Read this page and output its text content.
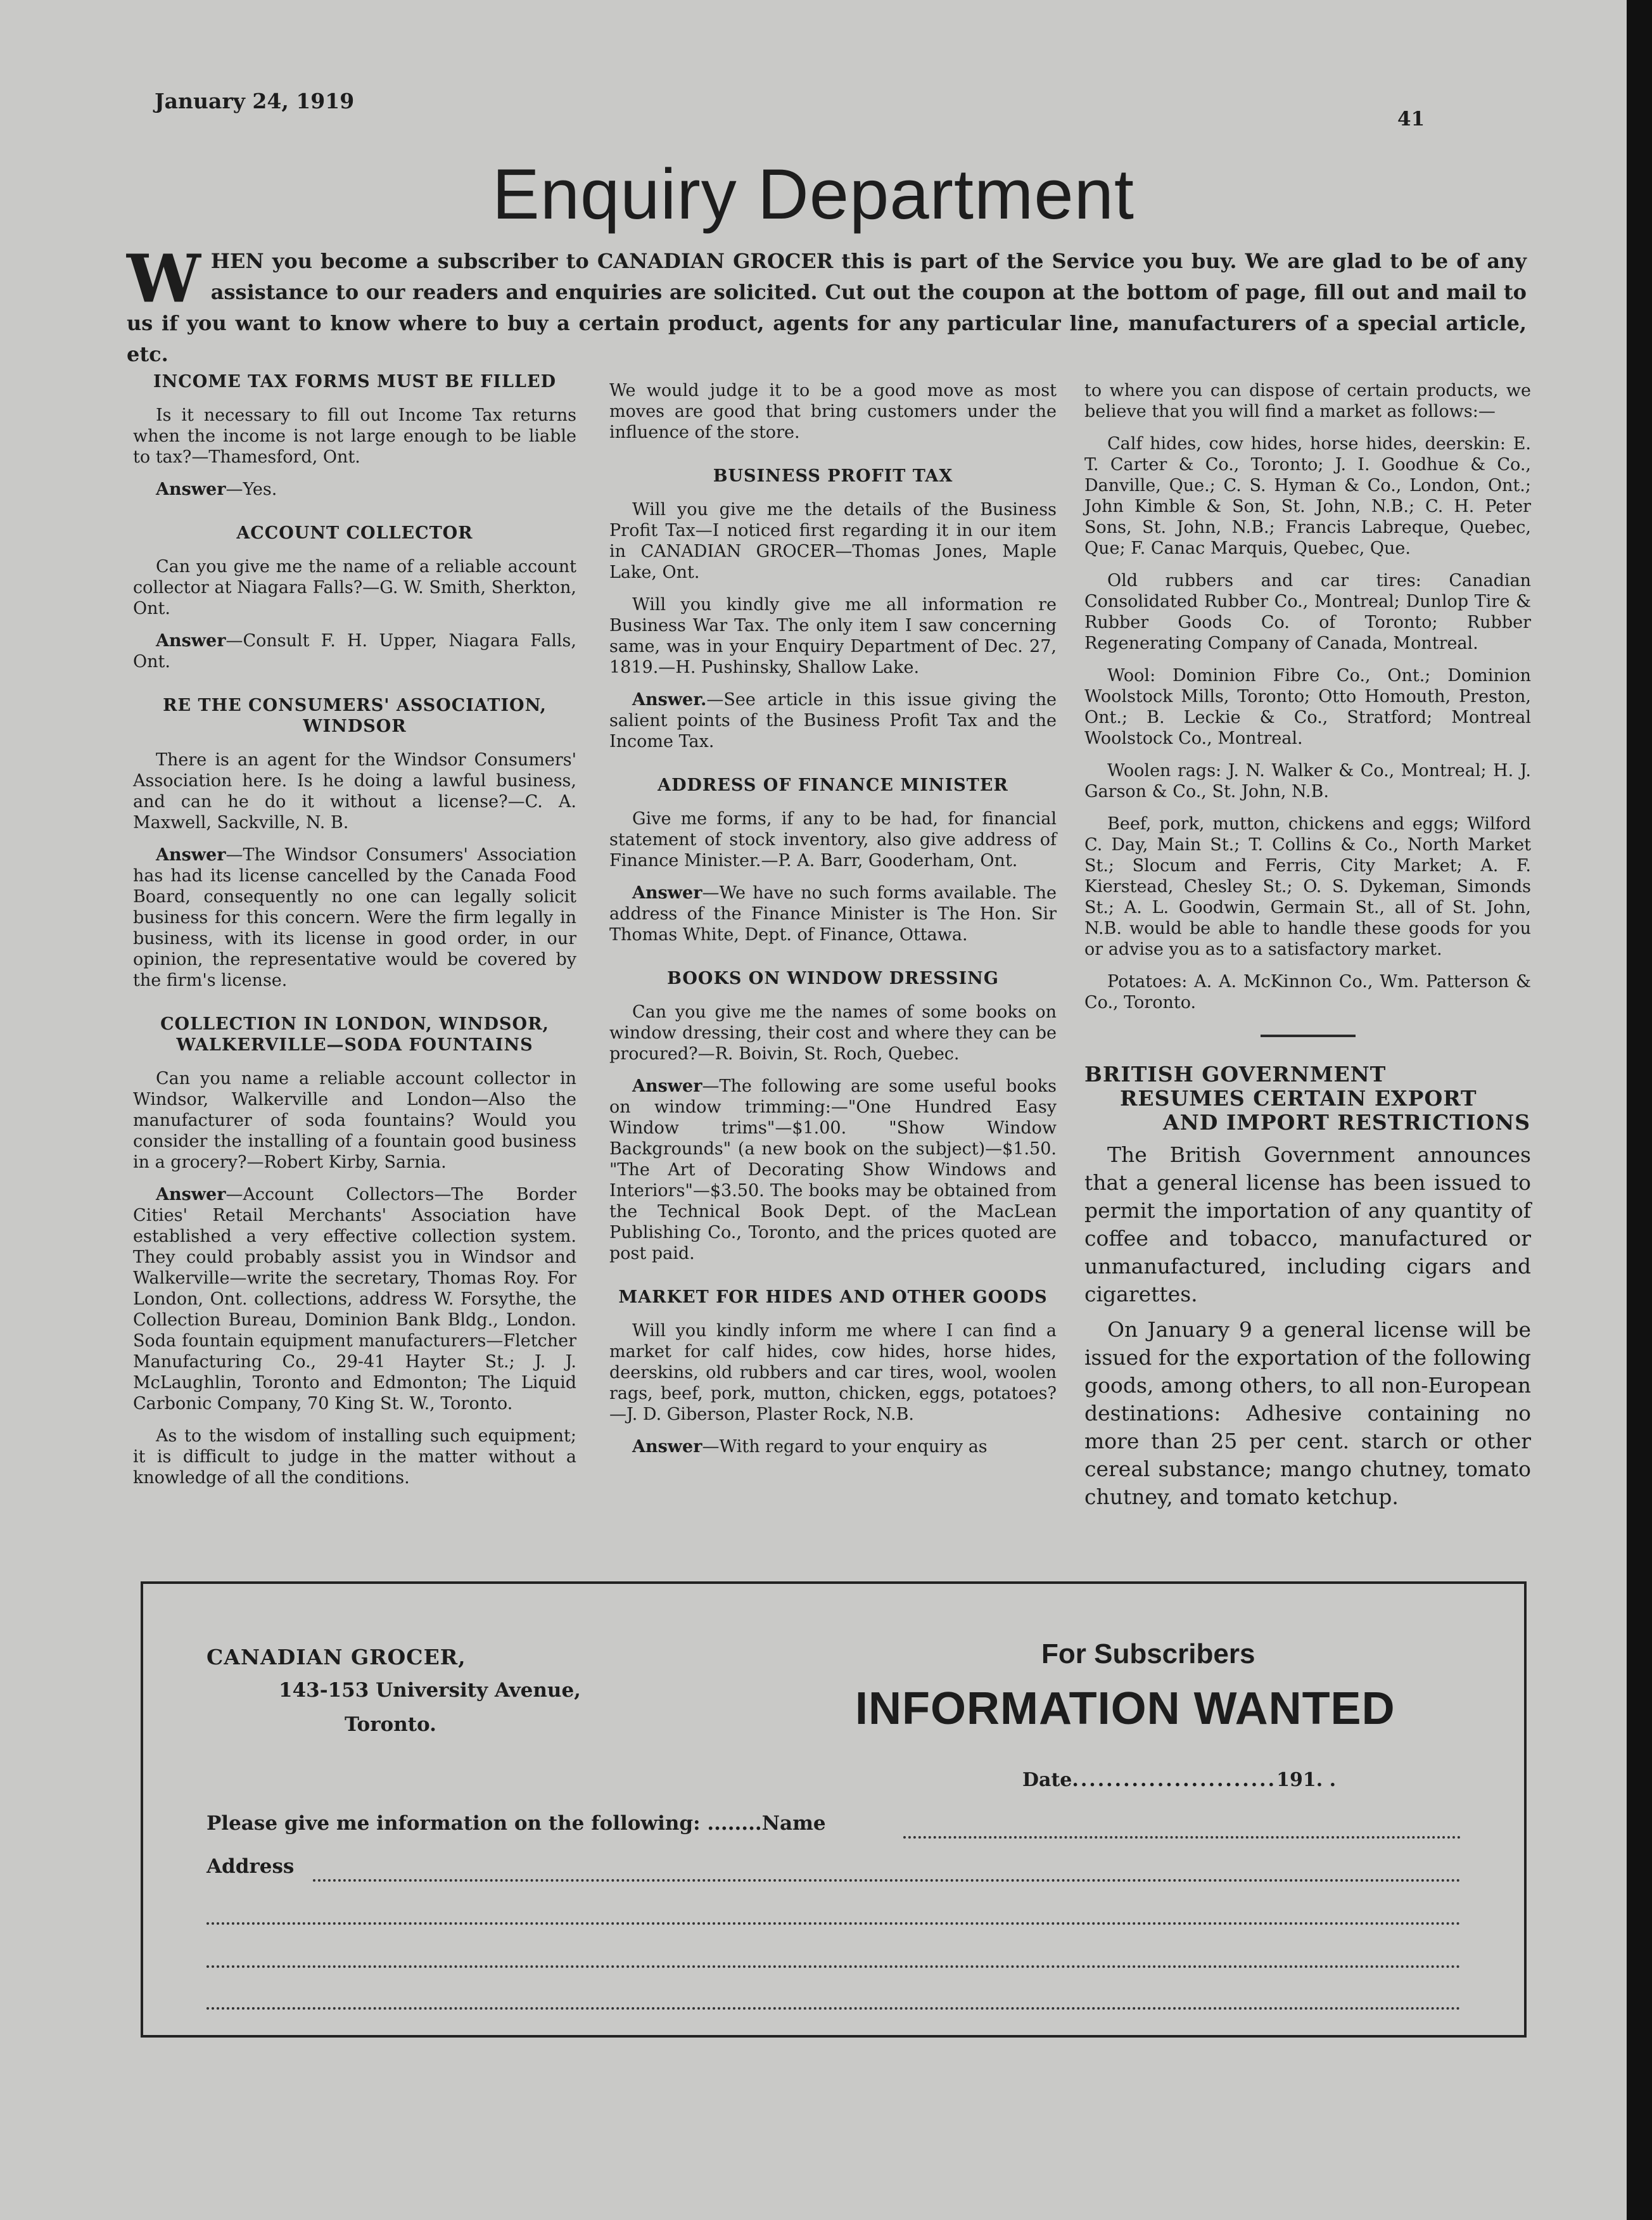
January 24, 1919
41
Enquiry Department
W HEN you become a subscriber to CANADIAN GROCER this is part of the Service you buy. We are glad to be of any assistance to our readers and enquiries are solicited. Cut out the coupon at the bottom of page, fill out and mail to us if you want to know where to buy a certain product, agents for any particular line, manufacturers of a special article, etc.

INCOME TAX FORMS MUST BE FILLED

Is it necessary to fill out Income Tax returns when the income is not large enough to be liable to tax?—Thamesford, Ont.

Answer—Yes.

ACCOUNT COLLECTOR

Can you give me the name of a reliable account collector at Niagara Falls?—G. W. Smith, Sherkton, Ont.

Answer—Consult F. H. Upper, Niagara Falls, Ont.

RE THE CONSUMERS' ASSOCIATION, WINDSOR

There is an agent for the Windsor Consumers' Association here. Is he doing a lawful business, and can he do it without a license?—C. A. Maxwell, Sackville, N. B.

Answer—The Windsor Consumers' Association has had its license cancelled by the Canada Food Board, consequently no one can legally solicit business for this concern. Were the firm legally in business, with its license in good order, in our opinion, the representative would be covered by the firm's license.

COLLECTION IN LONDON, WINDSOR, WALKERVILLE—SODA FOUNTAINS

Can you name a reliable account collector in Windsor, Walkerville and London—Also the manufacturer of soda fountains? Would you consider the installing of a fountain good business in a grocery?—Robert Kirby, Sarnia.

Answer—Account Collectors—The Border Cities' Retail Merchants' Association have established a very effective collection system. They could probably assist you in Windsor and Walkerville—write the secretary, Thomas Roy. For London, Ont. collections, address W. Forsythe, the Collection Bureau, Dominion Bank Bldg., London. Soda fountain equipment manufacturers—Fletcher Manufacturing Co., 29-41 Hayter St.; J. J. McLaughlin, Toronto and Edmonton; The Liquid Carbonic Company, 70 King St. W., Toronto.

As to the wisdom of installing such equipment; it is difficult to judge in the matter without a knowledge of all the conditions.

We would judge it to be a good move as most moves are good that bring customers under the influence of the store.

BUSINESS PROFIT TAX

Will you give me the details of the Business Profit Tax—I noticed first regarding it in our item in CANADIAN GROCER—Thomas Jones, Maple Lake, Ont.

Will you kindly give me all information re Business War Tax. The only item I saw concerning same, was in your Enquiry Department of Dec. 27, 1819.—H. Pushinsky, Shallow Lake.

Answer.—See article in this issue giving the salient points of the Business Profit Tax and the Income Tax.

ADDRESS OF FINANCE MINISTER

Give me forms, if any to be had, for financial statement of stock inventory, also give address of Finance Minister.—P. A. Barr, Gooderham, Ont.

Answer—We have no such forms available. The address of the Finance Minister is The Hon. Sir Thomas White, Dept. of Finance, Ottawa.

BOOKS ON WINDOW DRESSING

Can you give me the names of some books on window dressing, their cost and where they can be procured?—R. Boivin, St. Roch, Quebec.

Answer—The following are some useful books on window trimming:—"One Hundred Easy Window trims"—$1.00. "Show Window Backgrounds" (a new book on the subject)—$1.50. "The Art of Decorating Show Windows and Interiors"—$3.50. The books may be obtained from the Technical Book Dept. of the MacLean Publishing Co., Toronto, and the prices quoted are post paid.

MARKET FOR HIDES AND OTHER GOODS

Will you kindly inform me where I can find a market for calf hides, cow hides, horse hides, deerskins, old rubbers and car tires, wool, woolen rags, beef, pork, mutton, chicken, eggs, potatoes?—J. D. Giberson, Plaster Rock, N.B.

Answer—With regard to your enquiry as

to where you can dispose of certain products, we believe that you will find a market as follows:—

Calf hides, cow hides, horse hides, deerskin: E. T. Carter & Co., Toronto; J. I. Goodhue & Co., Danville, Que.; C. S. Hyman & Co., London, Ont.; John Kimble & Son, St. John, N.B.; C. H. Peter Sons, St. John, N.B.; Francis Labreque, Quebec, Que; F. Canac Marquis, Quebec, Que.

Old rubbers and car tires: Canadian Consolidated Rubber Co., Montreal; Dunlop Tire & Rubber Goods Co. of Toronto; Rubber Regenerating Company of Canada, Montreal.

Wool: Dominion Fibre Co., Ont.; Dominion Woolstock Mills, Toronto; Otto Homouth, Preston, Ont.; B. Leckie & Co., Stratford; Montreal Woolstock Co., Montreal.

Woolen rags: J. N. Walker & Co., Montreal; H. J. Garson & Co., St. John, N.B.

Beef, pork, mutton, chickens and eggs; Wilford C. Day, Main St.; T. Collins & Co., North Market St.; Slocum and Ferris, City Market; A. F. Kierstead, Chesley St.; O. S. Dykeman, Simonds St.; A. L. Goodwin, Germain St., all of St. John, N.B. would be able to handle these goods for you or advise you as to a satisfactory market.

Potatoes: A. A. McKinnon Co., Wm. Patterson & Co., Toronto.

BRITISH GOVERNMENT
RESUMES CERTAIN EXPORT
AND IMPORT RESTRICTIONS

The British Government announces that a general license has been issued to permit the importation of any quantity of coffee and tobacco, manufactured or unmanufactured, including cigars and cigarettes.

On January 9 a general license will be issued for the exportation of the following goods, among others, to all non-European destinations: Adhesive containing no more than 25 per cent. starch or other cereal substance; mango chutney, tomato chutney, and tomato ketchup.

CANADIAN GROCER,
143-153 University Avenue,
Toronto.
For Subscribers
INFORMATION WANTED
Date........................191. .
Please give me information on the following: ........Name
Address
